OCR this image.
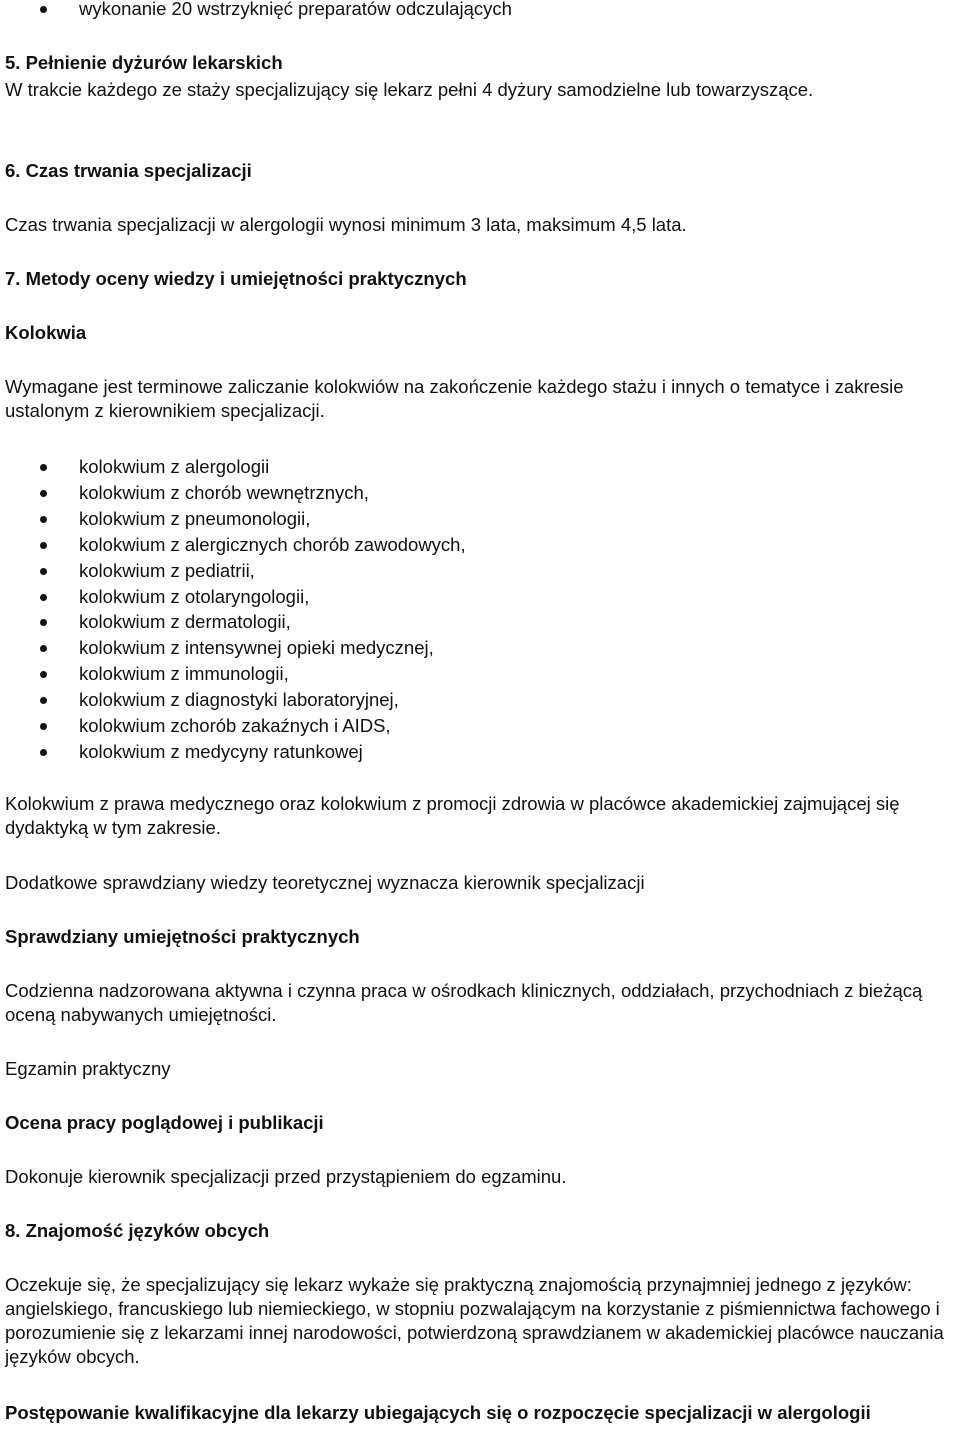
wykonanie 20 wstrzyknięć preparatów odczulających

5. Pełnienie dyżurów lekarskich

W trakcie każdego ze staży specjalizujący się lekarz pełni 4 dyżury samodzielne lub towarzyszące.

6. Czas trwania specjalizacji

Czas trwania specjalizacji w alergologii wynosi minimum 3 lata, maksimum 4,5 lata.

7. Metody oceny wiedzy i umiejętności praktycznych

Kolokwia

Wymagane jest terminowe zaliczanie kolokwiów na zakończenie każdego stażu i innych o tematyce i zakresie ustalonym z kierownikiem specjalizacji.

kolokwium z alergologii
kolokwium z chorób wewnętrznych,
kolokwium z pneumonologii,
kolokwium z alergicznych chorób zawodowych,
kolokwium z pediatrii,
kolokwium z otolaryngologii,
kolokwium z dermatologii,
kolokwium z intensywnej opieki medycznej,
kolokwium z immunologii,
kolokwium z diagnostyki laboratoryjnej,
kolokwium zchorób zakaźnych i AIDS,
kolokwium z medycyny ratunkowej

Kolokwium z prawa medycznego oraz kolokwium z promocji zdrowia w placówce akademickiej zajmującej się dydaktyką w tym zakresie.

Dodatkowe sprawdziany wiedzy teoretycznej wyznacza kierownik specjalizacji

Sprawdziany umiejętności praktycznych

Codzienna nadzorowana aktywna i czynna praca w ośrodkach klinicznych, oddziałach, przychodniach z bieżącą oceną nabywanych umiejętności.

Egzamin praktyczny

Ocena pracy poglądowej i publikacji

Dokonuje kierownik specjalizacji przed przystąpieniem do egzaminu.

8. Znajomość języków obcych

Oczekuje się, że specjalizujący się lekarz wykaże się praktyczną znajomością przynajmniej jednego z języków: angielskiego, francuskiego lub niemieckiego, w stopniu pozwalającym na korzystanie z piśmiennictwa fachowego i porozumienie się z lekarzami innej narodowości, potwierdzoną sprawdzianem w akademickiej placówce nauczania języków obcych.

Postępowanie kwalifikacyjne dla lekarzy ubiegających się o rozpoczęcie specjalizacji w alergologii
